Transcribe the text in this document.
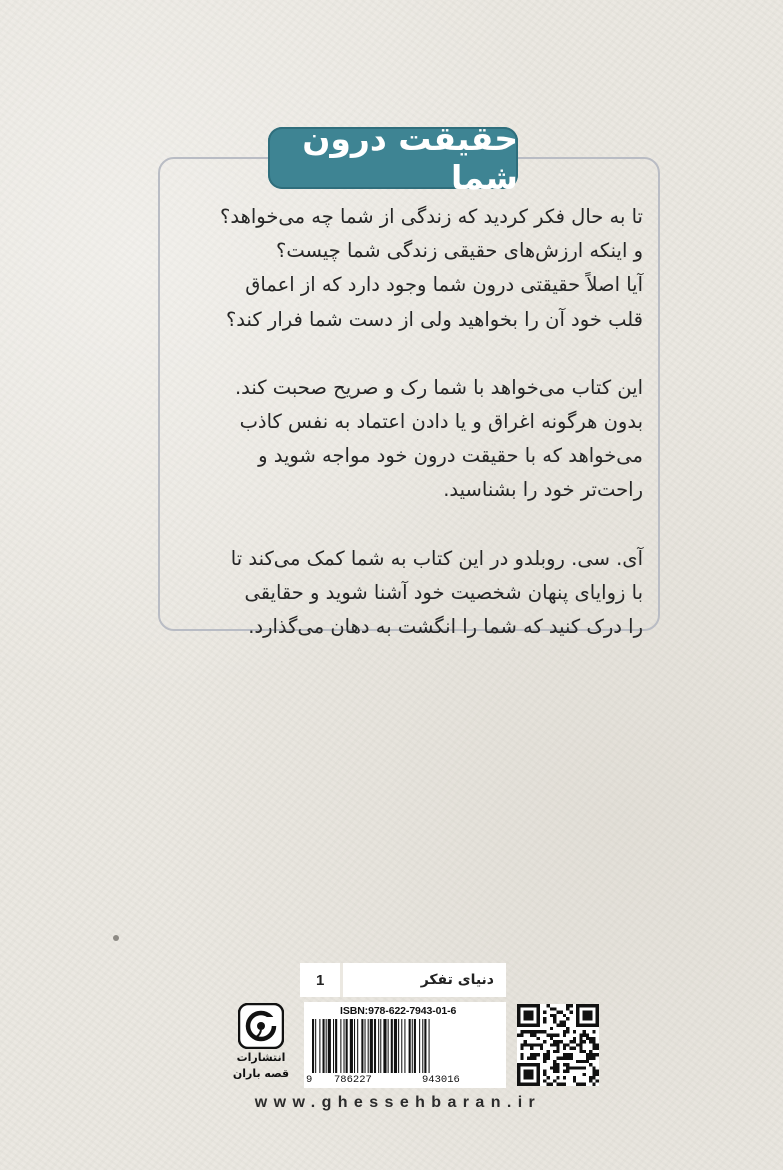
حقیقت درون شما

تا به حال فکر کردید که زندگی از شما چه می‌خواهد؟
و اینکه ارزش‌های حقیقی زندگی شما چیست؟
آیا اصلاً حقیقتی درون شما وجود دارد که از اعماق
قلب خود آن را بخواهید ولی از دست شما فرار کند؟

این کتاب می‌خواهد با شما رک و صریح صحبت کند.
بدون هرگونه اغراق و یا دادن اعتماد به نفس کاذب
می‌خواهد که با حقیقت درون خود مواجه شوید و
راحت‌تر خود را بشناسید.

آی. سی. روبلدو در این کتاب به شما کمک می‌کند تا
با زوایای پنهان شخصیت خود آشنا شوید و حقایقی
را درک کنید که شما را انگشت به دهان می‌گذارد.

1	دنیای تفکر
انتشارات
قصه باران
ISBN:978-622-7943-01-6
9 786227	943016
www.ghessehbaran.ir
